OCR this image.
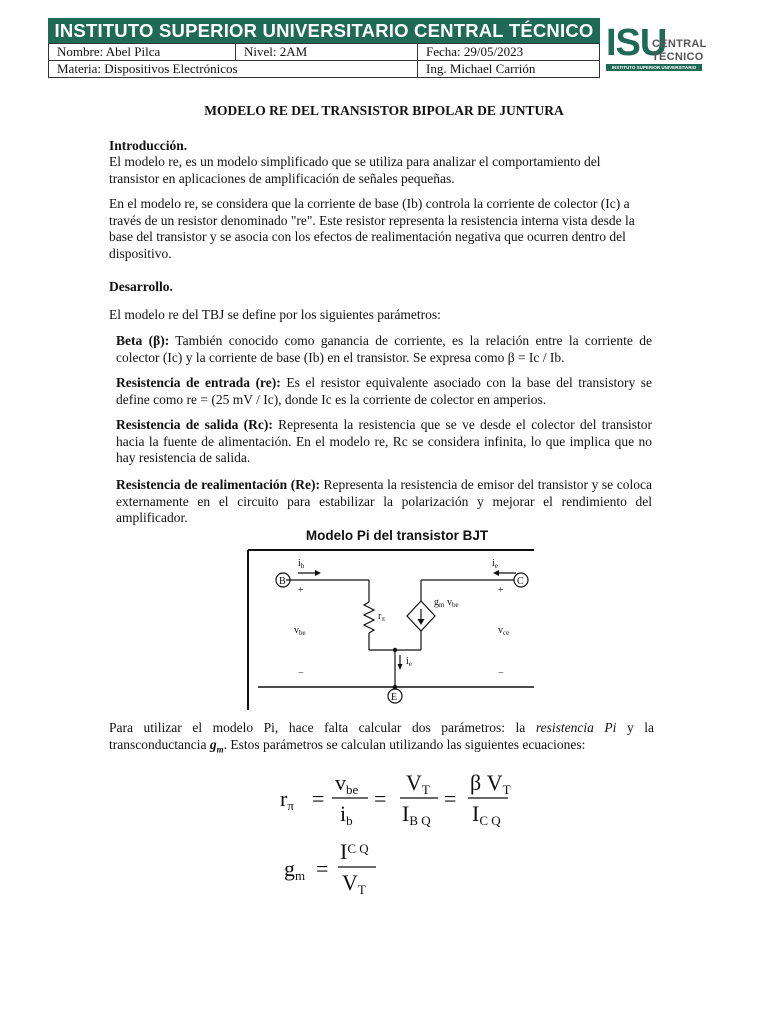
INSTITUTO SUPERIOR UNIVERSITARIO CENTRAL TÉCNICO
Nombre: Abel Pilca	Nivel: 2AM	Fecha: 29/05/2023
Materia: Dispositivos Electrónicos		Ing. Michael Carrión
ISU
CENTRAL
TÉCNICO
INSTITUTO SUPERIOR UNIVERSITARIO
MODELO RE DEL TRANSISTOR BIPOLAR DE JUNTURA
Introducción.
El modelo re, es un modelo simplificado que se utiliza para analizar el comportamiento del transistor en aplicaciones de amplificación de señales pequeñas.
En el modelo re, se considera que la corriente de base (Ib) controla la corriente de colector (Ic) a través de un resistor denominado "re". Este resistor representa la resistencia interna vista desde la base del transistor y se asocia con los efectos de realimentación negativa que ocurren dentro del dispositivo.
Desarrollo.
El modelo re del TBJ se define por los siguientes parámetros:
Beta (β): También conocido como ganancia de corriente, es la relación entre la corriente de colector (Ic) y la corriente de base (Ib) en el transistor. Se expresa como β = Ic / Ib.
Resistencia de entrada (re): Es el resistor equivalente asociado con la base del transistory se define como re = (25 mV / Ic), donde Ic es la corriente de colector en amperios.
Resistencia de salida (Rc): Representa la resistencia que se ve desde el colector del transistor hacia la fuente de alimentación. En el modelo re, Rc se considera infinita, lo que implica que no hay resistencia de salida.
Resistencia de realimentación (Re): Representa la resistencia de emisor del transistor y se coloca externamente en el circuito para estabilizar la polarización y mejorar el rendimiento del amplificador.
Modelo Pi del transistor BJT
B	C
E
$i_b$	$i_e$
$i_e$
$r_\pi$
$g_m$ $v_{be}$
$v_{be}$	$v_{ce}$
+	+
−	−
Para utilizar el modelo Pi, hace falta calcular dos parámetros: la resistencia Pi y la transconductancia $g_m$. Estos parámetros se calculan utilizando las siguientes ecuaciones:
rπ =
vbe
ib
=
VT
IB Q
=
β VT
IC Q
gm =
$I^{C Q}$
VT
